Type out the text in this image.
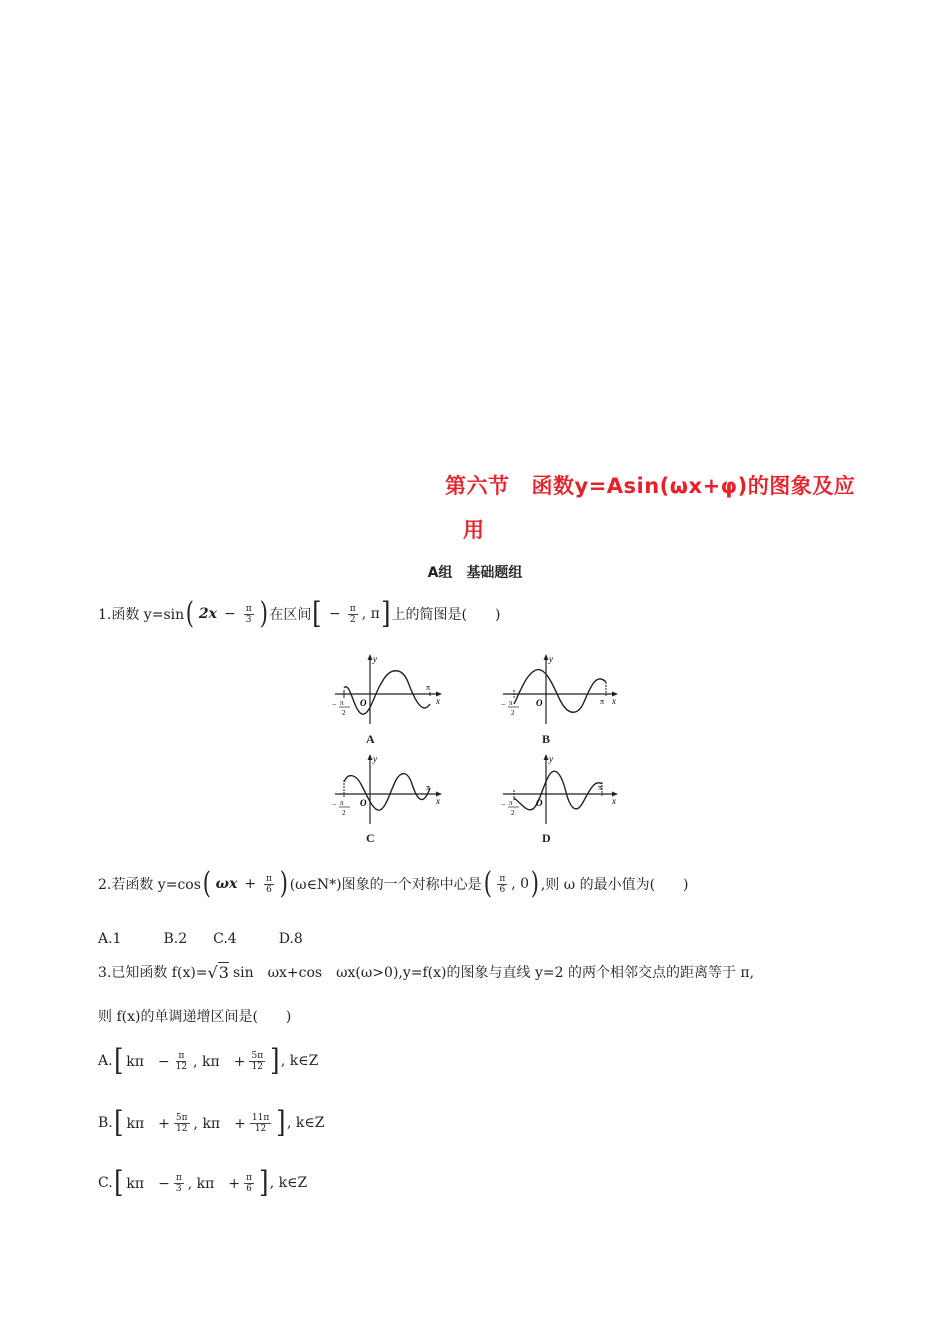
第六节 函数y=Asin(ωx+φ)的图象及应
用
A组　基础题组
1.函数 y=sin ( $2x - \frac{\pi}{3}$ ) 在区间 [ − $\frac{\pi}{2}$ , π ] 上的简图是(　　)
y
x
O
π
− π
2
A
y
x
O	π
− π
2
B
y
x
O
π
− π
2
C
y
x
O
π
− π
2
D
2.若函数 y=cos ( $\omega x + \frac{\pi}{6}$ ) (ω∈N*)图象的一个对称中心是 ( $\frac{\pi}{6}$ , 0 ) ,则 ω 的最小值为(　　)
A.1	B.2 C.4	D.8
3.已知函数 f(x)= √3 sin　ωx+cos　ωx(ω>0),y=f(x)的图象与直线 y=2 的两个相邻交点的距离等于 π,
则 f(x)的单调递增区间是(　　)
A. [ kπ　− $\frac{\pi}{12}$ , kπ　+ $\frac{5\pi}{12}$ ] , k∈Z
B. [ kπ　+ $\frac{5\pi}{12}$ , kπ　+ $\frac{11\pi}{12}$ ] , k∈Z
C. [ kπ　− $\frac{\pi}{3}$ , kπ　+ $\frac{\pi}{6}$ ] , k∈Z
